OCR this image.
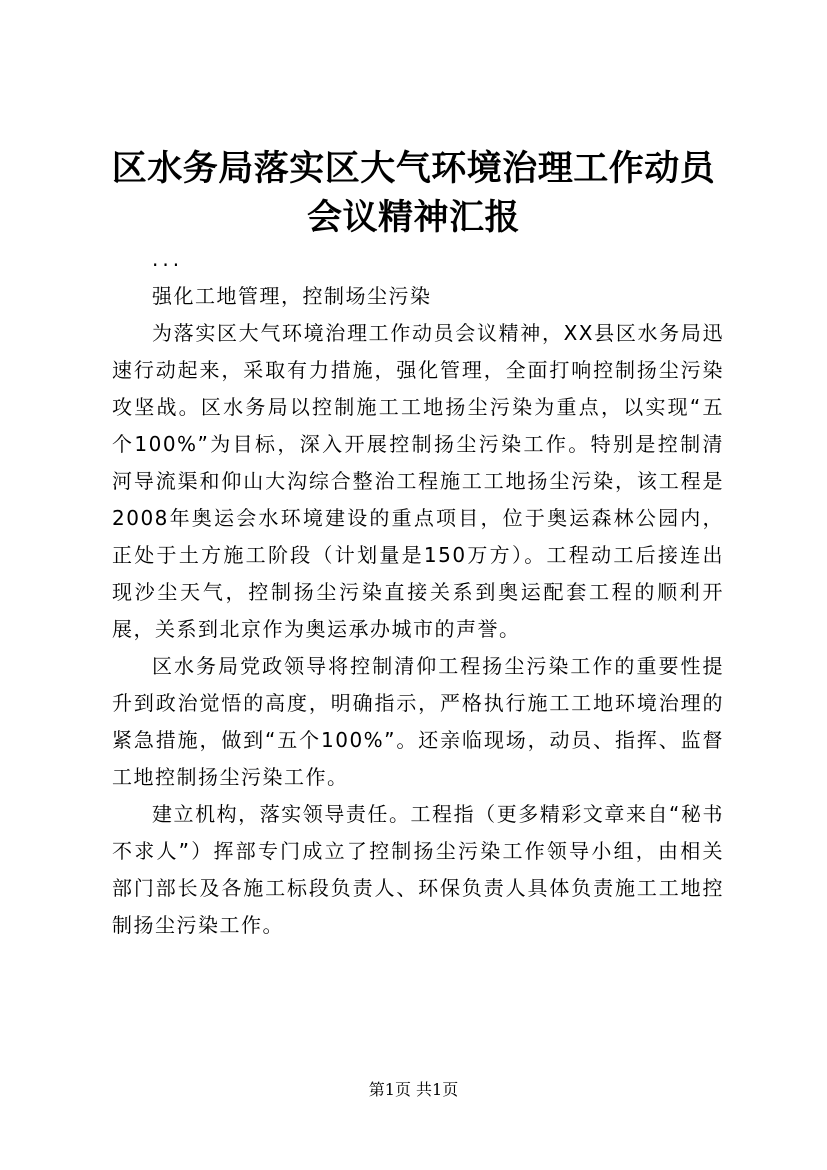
区水务局落实区大气环境治理工作动员会议精神汇报

...

强化工地管理，控制场尘污染

为落实区大气环境治理工作动员会议精神，XX县区水务局迅速行动起来，采取有力措施，强化管理，全面打响控制扬尘污染攻坚战。区水务局以控制施工工地扬尘污染为重点，以实现“五个100%”为目标，深入开展控制扬尘污染工作。特别是控制清河导流渠和仰山大沟综合整治工程施工工地扬尘污染，该工程是2008年奥运会水环境建设的重点项目，位于奥运森林公园内，正处于土方施工阶段（计划量是150万方）。工程动工后接连出现沙尘天气，控制扬尘污染直接关系到奥运配套工程的顺利开展，关系到北京作为奥运承办城市的声誉。

区水务局党政领导将控制清仰工程扬尘污染工作的重要性提升到政治觉悟的高度，明确指示，严格执行施工工地环境治理的紧急措施，做到“五个100%”。还亲临现场，动员、指挥、监督工地控制扬尘污染工作。

建立机构，落实领导责任。工程指（更多精彩文章来自“秘书不求人”）挥部专门成立了控制扬尘污染工作领导小组，由相关部门部长及各施工标段负责人、环保负责人具体负责施工工地控制扬尘污染工作。

第1页 共1页
